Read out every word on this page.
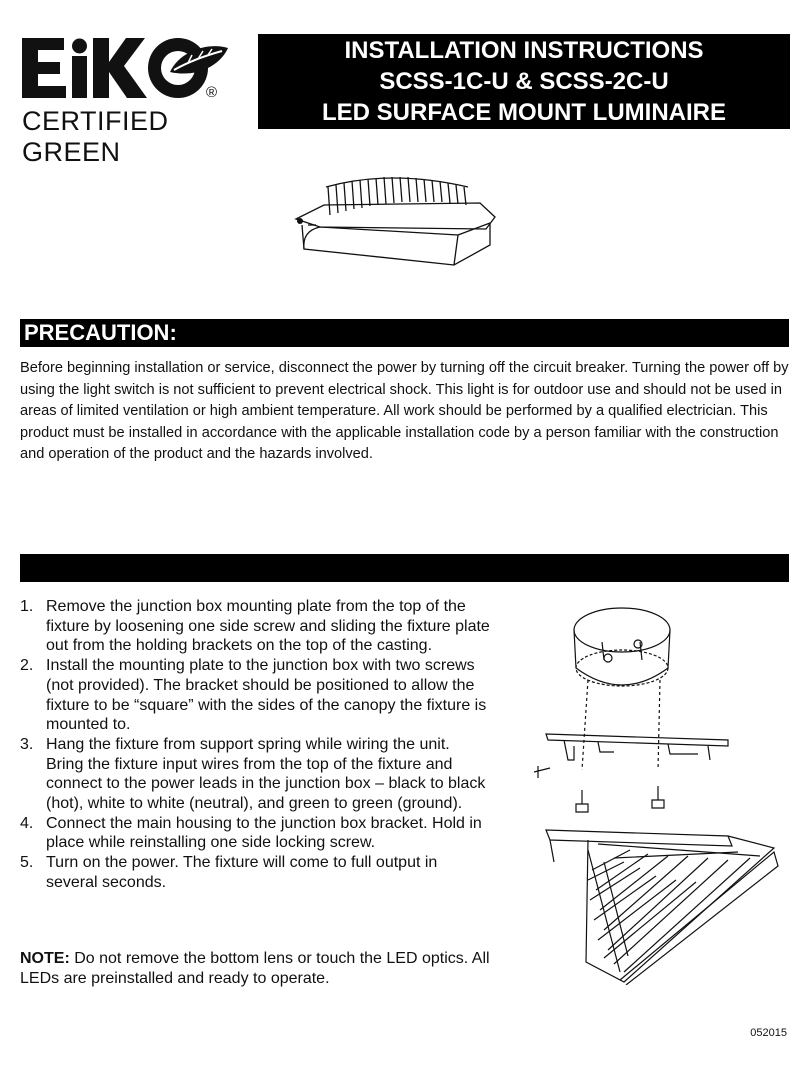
CERTIFIED GREEN
®
INSTALLATION INSTRUCTIONS
SCSS-1C-U & SCSS-2C-U
LED SURFACE MOUNT LUMINAIRE
PRECAUTION:
Before beginning installation or service, disconnect the power by turning off the circuit breaker. Turning the power off by using the light switch is not sufficient to prevent electrical shock. This light is for outdoor use and should not be used in areas of limited ventilation or high ambient temperature. All work should be performed by a qualified electrician. This product must be installed in accordance with the applicable installation code by a person familiar with the construction and operation of the product and the hazards involved.
1. Remove the junction box mounting plate from the top of the fixture by loosening one side screw and sliding the fixture plate out from the holding brackets on the top of the casting.
2. Install the mounting plate to the junction box with two screws (not provided). The bracket should be positioned to allow the fixture to be “square” with the sides of the canopy the fixture is mounted to.
3. Hang the fixture from support spring while wiring the unit. Bring the fixture input wires from the top of the fixture and connect to the power leads in the junction box – black to black (hot), white to white (neutral), and green to green (ground).
4. Connect the main housing to the junction box bracket. Hold in place while reinstalling one side locking screw.
5. Turn on the power. The fixture will come to full output in several seconds.
NOTE: Do not remove the bottom lens or touch the LED optics. All LEDs are preinstalled and ready to operate.
052015
